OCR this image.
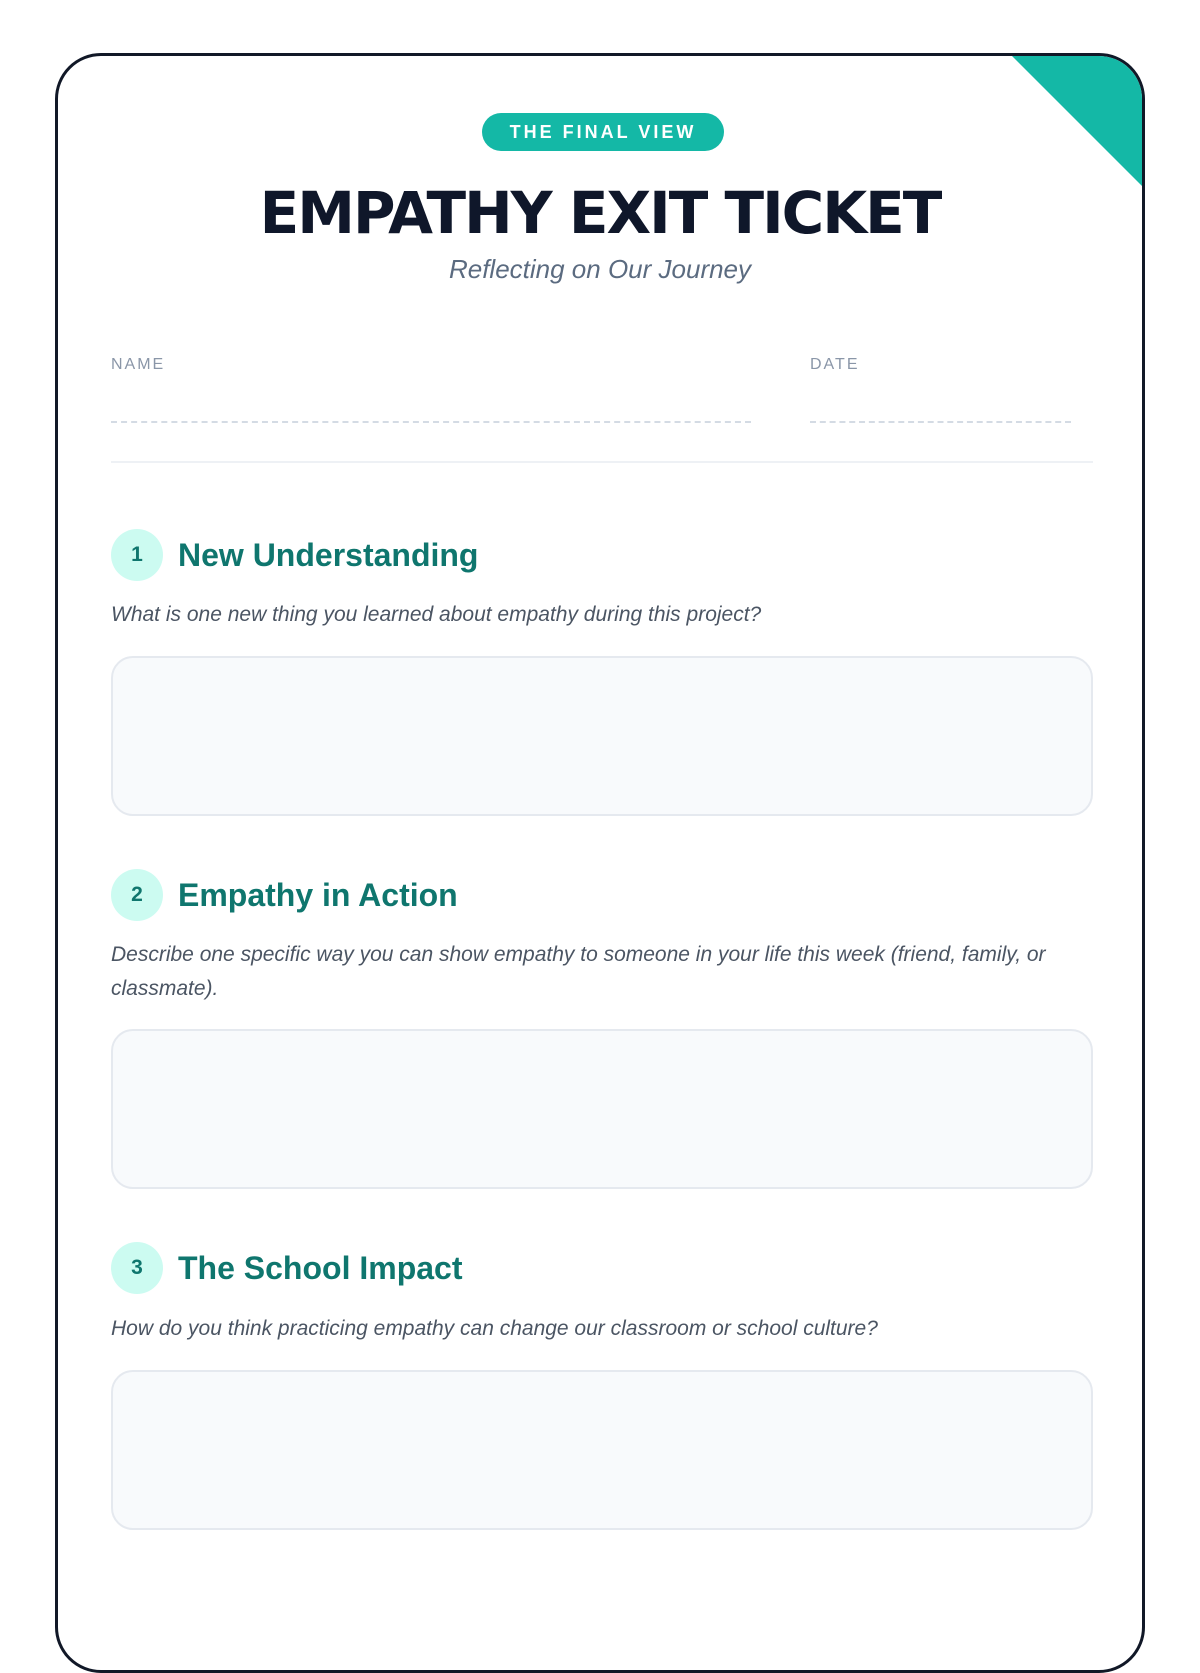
THE FINAL VIEW
EMPATHY EXIT TICKET
Reflecting on Our Journey
NAME	DATE
1	New Understanding
What is one new thing you learned about empathy during this project?
2	Empathy in Action
Describe one specific way you can show empathy to someone in your life this week (friend, family, or classmate).
3	The School Impact
How do you think practicing empathy can change our classroom or school culture?
